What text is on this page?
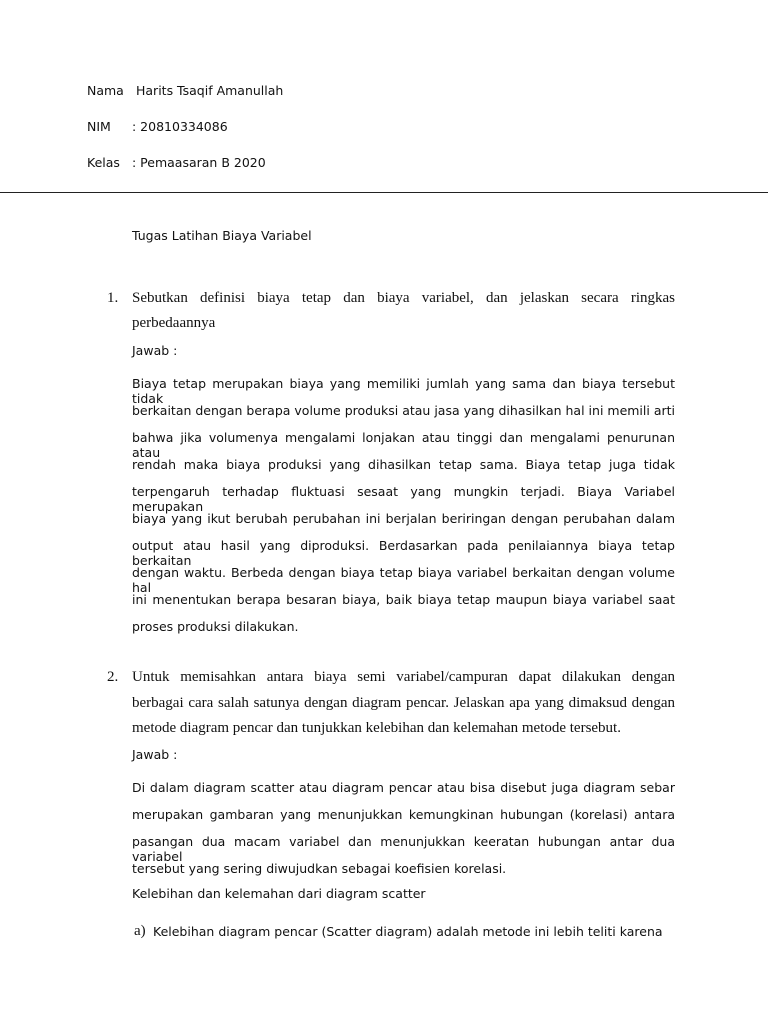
Nama Harits Tsaqif Amanullah
NIM : 20810334086
Kelas : Pemaasaran B 2020
Tugas Latihan Biaya Variabel
1. Sebutkan definisi biaya tetap dan biaya variabel, dan jelaskan secara ringkas
perbedaannya
Jawab :
Biaya tetap merupakan biaya yang memiliki jumlah yang sama dan biaya tersebut tidak
berkaitan dengan berapa volume produksi atau jasa yang dihasilkan hal ini memili arti
bahwa jika volumenya mengalami lonjakan atau tinggi dan mengalami penurunan atau
rendah maka biaya produksi yang dihasilkan tetap sama. Biaya tetap juga tidak
terpengaruh terhadap fluktuasi sesaat yang mungkin terjadi. Biaya Variabel merupakan
biaya yang ikut berubah perubahan ini berjalan beriringan dengan perubahan dalam
output atau hasil yang diproduksi. Berdasarkan pada penilaiannya biaya tetap berkaitan
dengan waktu. Berbeda dengan biaya tetap biaya variabel berkaitan dengan volume hal
ini menentukan berapa besaran biaya, baik biaya tetap maupun biaya variabel saat
proses produksi dilakukan.
2. Untuk memisahkan antara biaya semi variabel/campuran dapat dilakukan dengan
berbagai cara salah satunya dengan diagram pencar. Jelaskan apa yang dimaksud dengan
metode diagram pencar dan tunjukkan kelebihan dan kelemahan metode tersebut.
Jawab :
Di dalam diagram scatter atau diagram pencar atau bisa disebut juga diagram sebar
merupakan gambaran yang menunjukkan kemungkinan hubungan (korelasi) antara
pasangan dua macam variabel dan menunjukkan keeratan hubungan antar dua variabel
tersebut yang sering diwujudkan sebagai koefisien korelasi.
Kelebihan dan kelemahan dari diagram scatter
a) Kelebihan diagram pencar (Scatter diagram) adalah metode ini lebih teliti karena
